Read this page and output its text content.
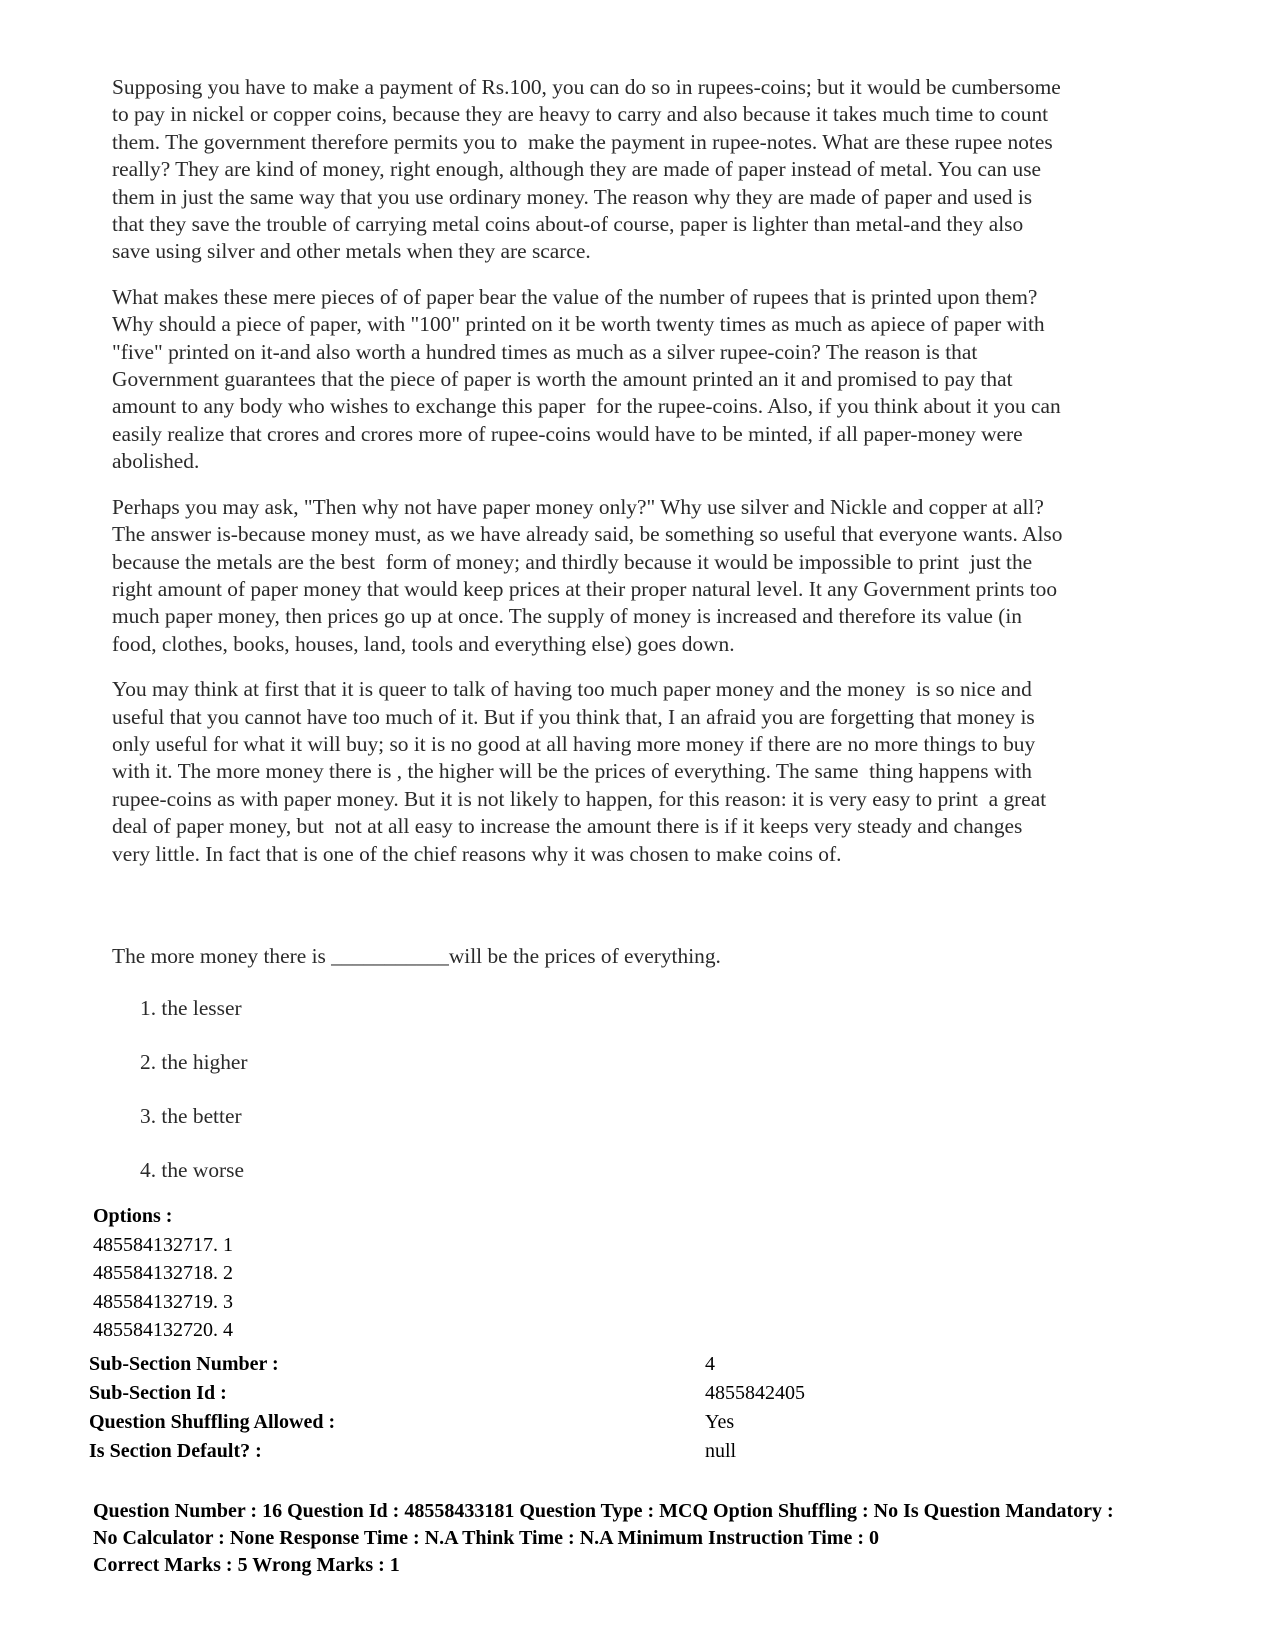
Supposing you have to make a payment of Rs.100, you can do so in rupees-coins; but it would be cumbersome
to pay in nickel or copper coins, because they are heavy to carry and also because it takes much time to count
them. The government therefore permits you to  make the payment in rupee-notes. What are these rupee notes
really? They are kind of money, right enough, although they are made of paper instead of metal. You can use
them in just the same way that you use ordinary money. The reason why they are made of paper and used is
that they save the trouble of carrying metal coins about-of course, paper is lighter than metal-and they also
save using silver and other metals when they are scarce.

What makes these mere pieces of of paper bear the value of the number of rupees that is printed upon them?
Why should a piece of paper, with "100" printed on it be worth twenty times as much as apiece of paper with
"five" printed on it-and also worth a hundred times as much as a silver rupee-coin? The reason is that
Government guarantees that the piece of paper is worth the amount printed an it and promised to pay that
amount to any body who wishes to exchange this paper  for the rupee-coins. Also, if you think about it you can
easily realize that crores and crores more of rupee-coins would have to be minted, if all paper-money were
abolished.

Perhaps you may ask, "Then why not have paper money only?" Why use silver and Nickle and copper at all?
The answer is-because money must, as we have already said, be something so useful that everyone wants. Also
because the metals are the best  form of money; and thirdly because it would be impossible to print  just the
right amount of paper money that would keep prices at their proper natural level. It any Government prints too
much paper money, then prices go up at once. The supply of money is increased and therefore its value (in
food, clothes, books, houses, land, tools and everything else) goes down.

You may think at first that it is queer to talk of having too much paper money and the money  is so nice and
useful that you cannot have too much of it. But if you think that, I an afraid you are forgetting that money is
only useful for what it will buy; so it is no good at all having more money if there are no more things to buy
with it. The more money there is , the higher will be the prices of everything. The same  thing happens with
rupee-coins as with paper money. But it is not likely to happen, for this reason: it is very easy to print  a great
deal of paper money, but  not at all easy to increase the amount there is if it keeps very steady and changes
very little. In fact that is one of the chief reasons why it was chosen to make coins of.

The more money there is ___________will be the prices of everything.
1. the lesser
2. the higher
3. the better
4. the worse
Options :
485584132717. 1
485584132718. 2
485584132719. 3
485584132720. 4
Sub-Section Number :	4
Sub-Section Id :	4855842405
Question Shuffling Allowed :	Yes
Is Section Default? :	null
Question Number : 16 Question Id : 48558433181 Question Type : MCQ Option Shuffling : No Is Question Mandatory :
No Calculator : None Response Time : N.A Think Time : N.A Minimum Instruction Time : 0
Correct Marks : 5 Wrong Marks : 1
